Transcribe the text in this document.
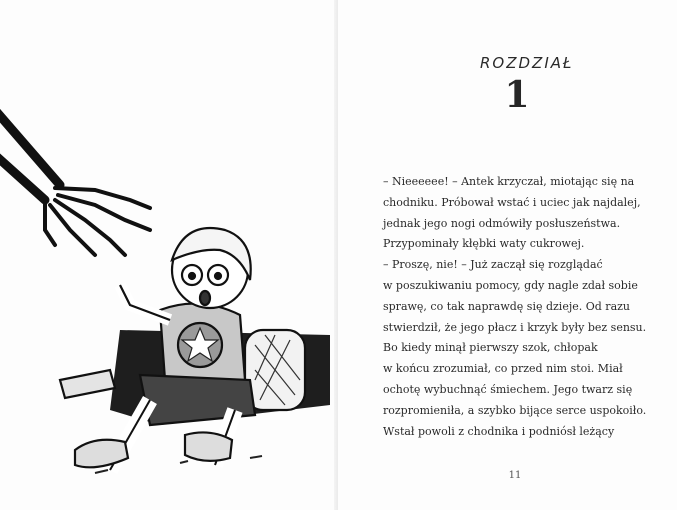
ROZDZIAŁ
1
– Nieeeeee! – Antek krzyczał, miotając się na
chodniku. Próbował wstać i uciec jak najdalej,
jednak jego nogi odmówiły posłuszeństwa.
Przypominały kłębki waty cukrowej.
– Proszę, nie! – Już zaczął się rozglądać
w poszukiwaniu pomocy, gdy nagle zdał sobie
sprawę, co tak naprawdę się dzieje. Od razu
stwierdził, że jego płacz i krzyk były bez sensu.
Bo kiedy minął pierwszy szok, chłopak
w końcu zrozumiał, co przed nim stoi. Miał
ochotę wybuchnąć śmiechem. Jego twarz się
rozpromieniła, a szybko bijące serce uspokoiło.
Wstał powoli z chodnika i podniósł leżący
11
